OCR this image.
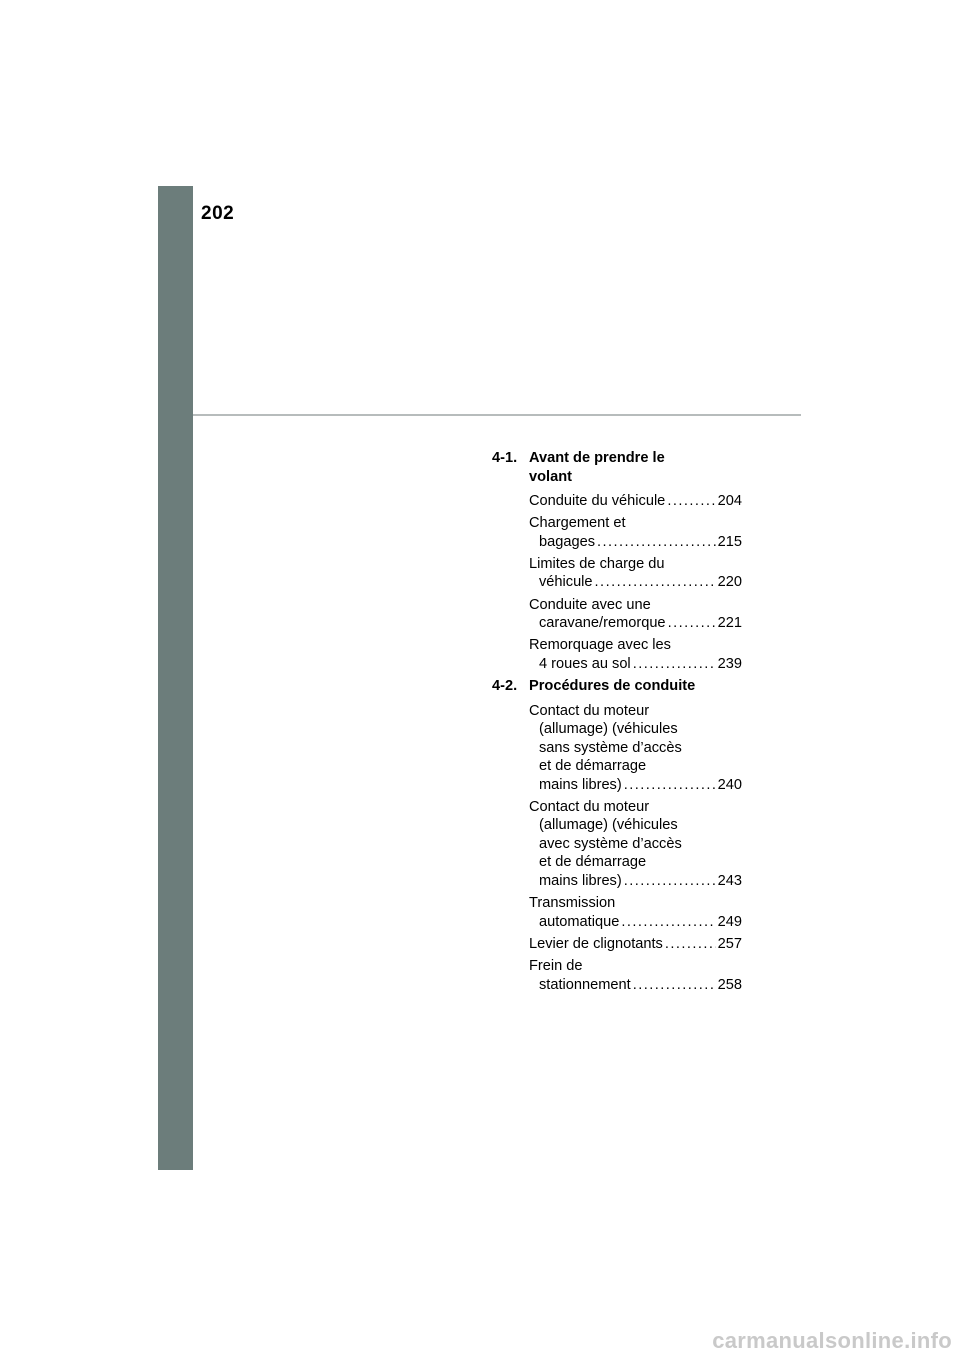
202
4-1. Avant de prendre le
volant
Conduite du véhicule . . .	204
Chargement et
bagages . . .	215
Limites de charge du
véhicule . . .	220
Conduite avec une
caravane/remorque . . .	221
Remorquage avec les
4 roues au sol . . .	239
4-2. Procédures de conduite
Contact du moteur
(allumage) (véhicules
sans système d’accès
et de démarrage
mains libres) . . .	240
Contact du moteur
(allumage) (véhicules
avec système d’accès
et de démarrage
mains libres) . . .	243
Transmission
automatique . . .	249
Levier de clignotants . . .	257
Frein de
stationnement . . .	258
carmanualsonline.info
